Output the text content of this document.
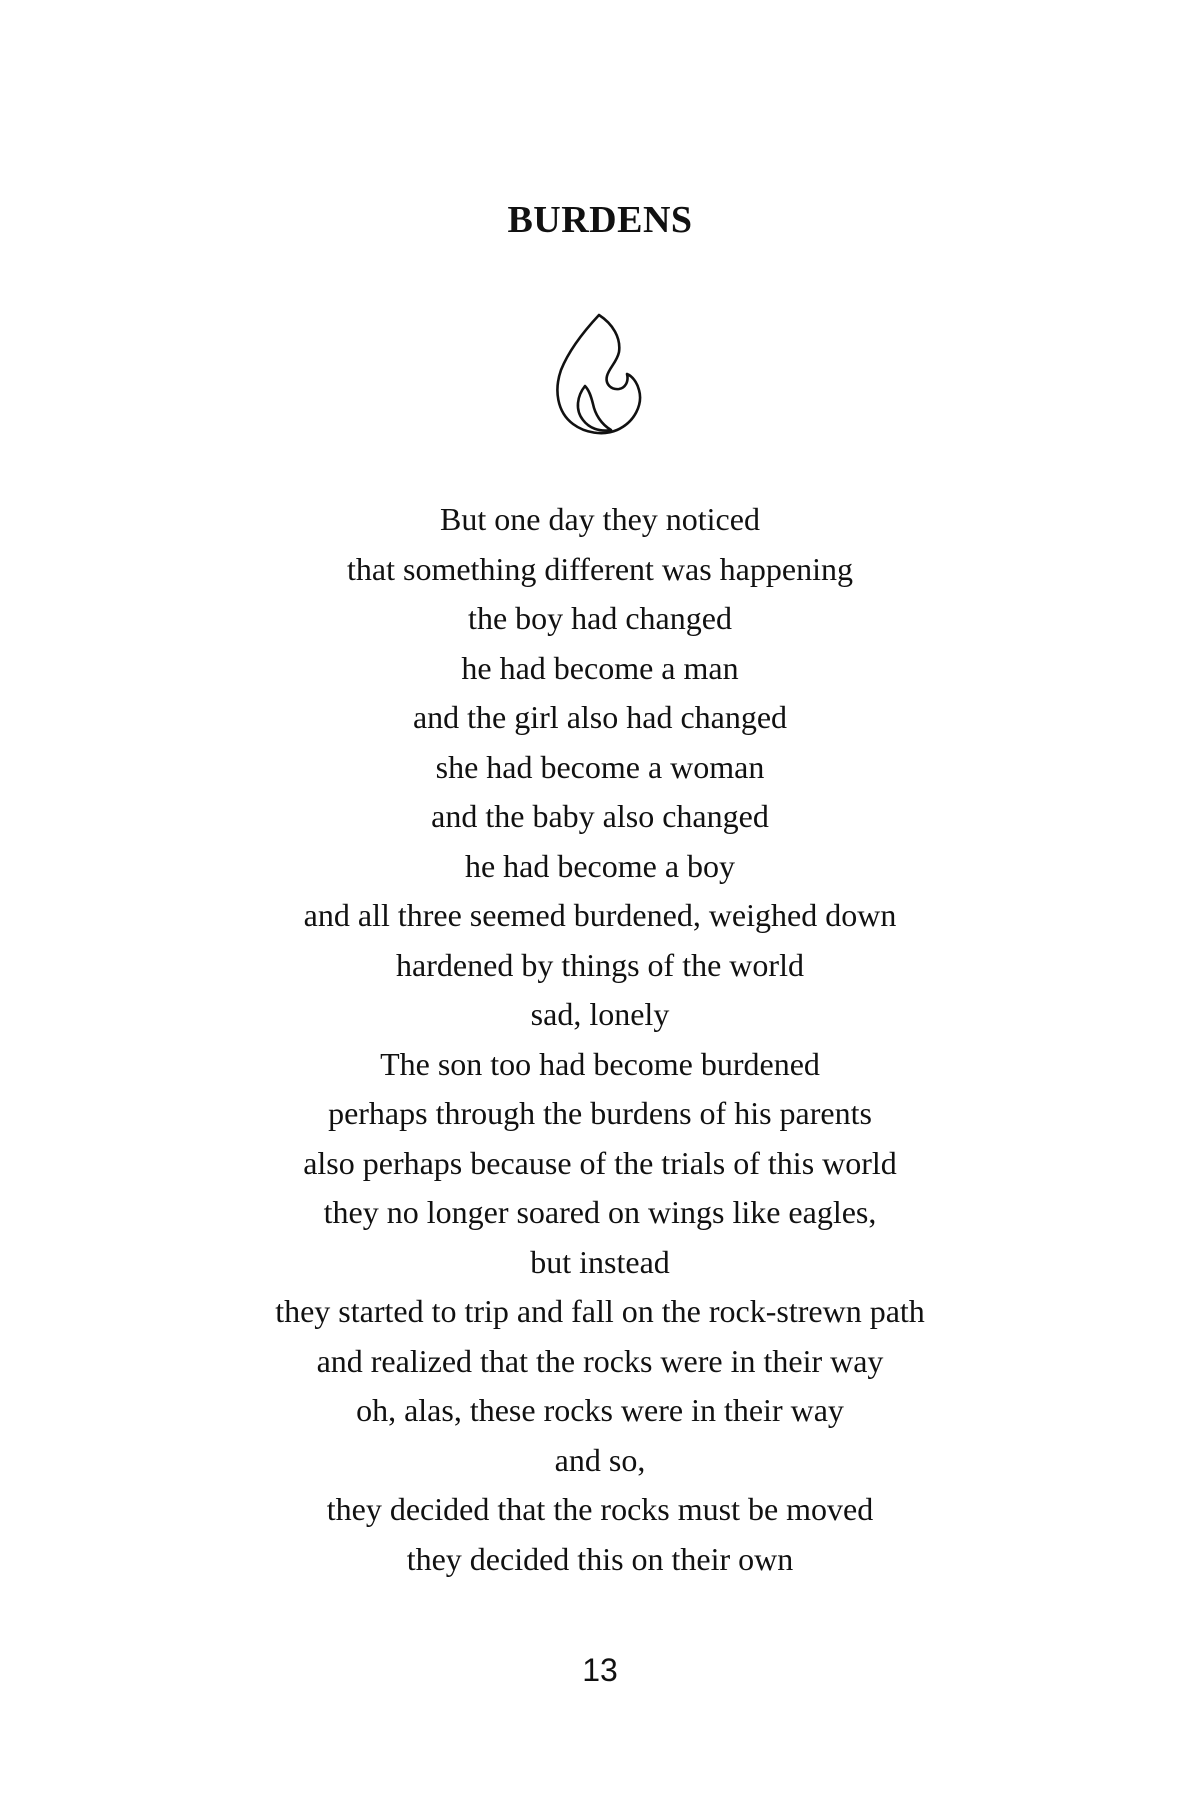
BURDENS
But one day they noticed
that something different was happening
the boy had changed
he had become a man
and the girl also had changed
she had become a woman
and the baby also changed
he had become a boy
and all three seemed burdened, weighed down
hardened by things of the world
sad, lonely
The son too had become burdened
perhaps through the burdens of his parents
also perhaps because of the trials of this world
they no longer soared on wings like eagles,
but instead
they started to trip and fall on the rock-strewn path
and realized that the rocks were in their way
oh, alas, these rocks were in their way
and so,
they decided that the rocks must be moved
they decided this on their own
13
